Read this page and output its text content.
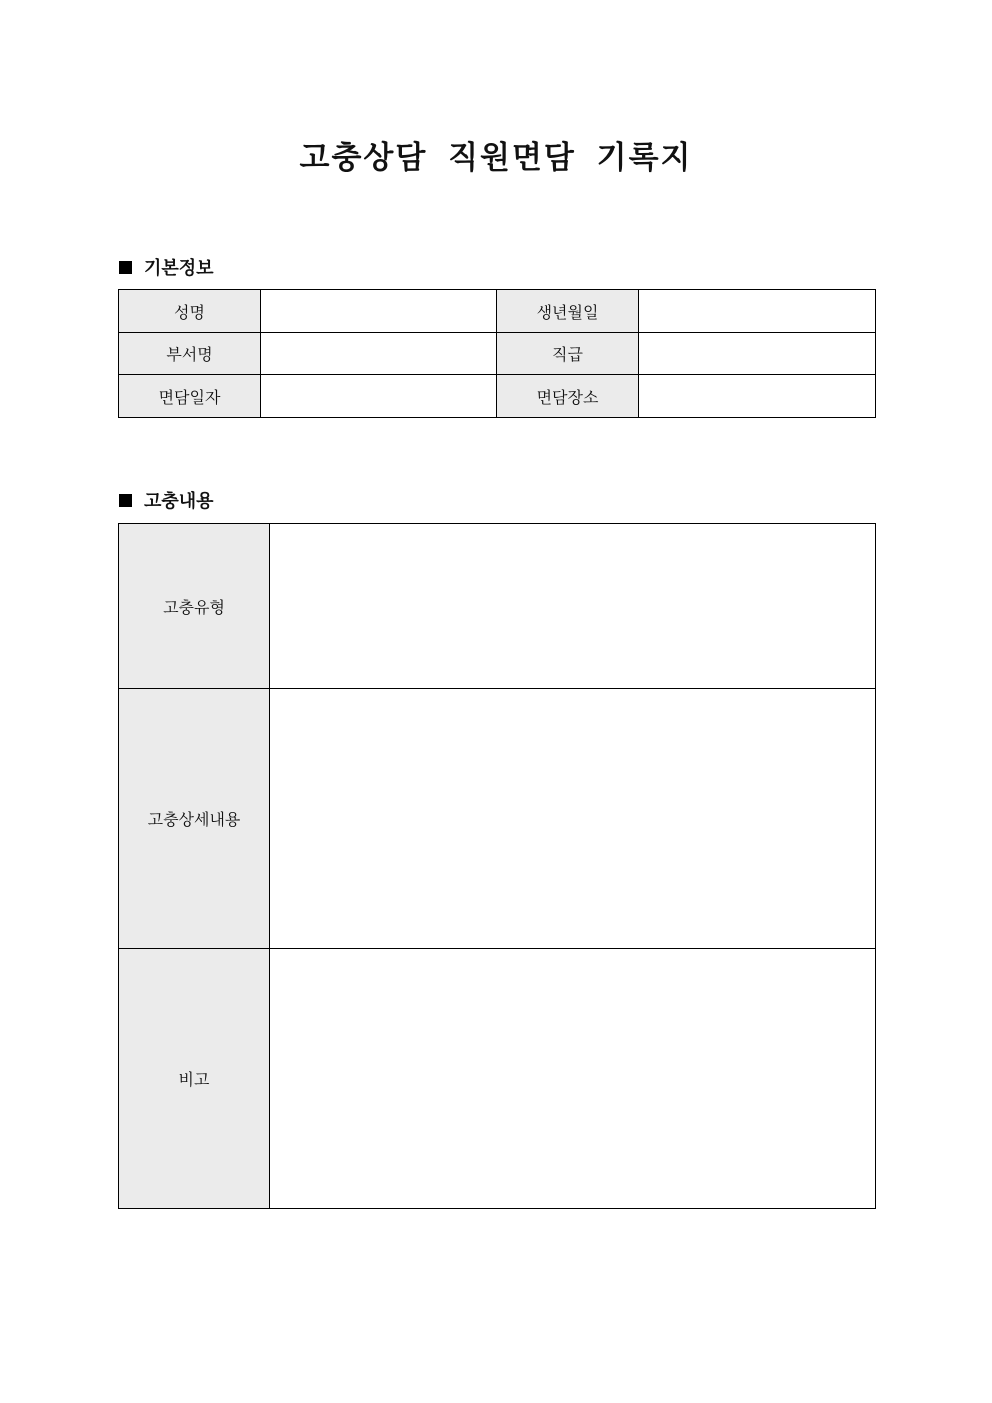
고충상담 직원면담 기록지
기본정보
성명		생년월일	
부서명		직급	
면담일자		면담장소	
고충내용
고충유형	
고충상세내용	
비고	
